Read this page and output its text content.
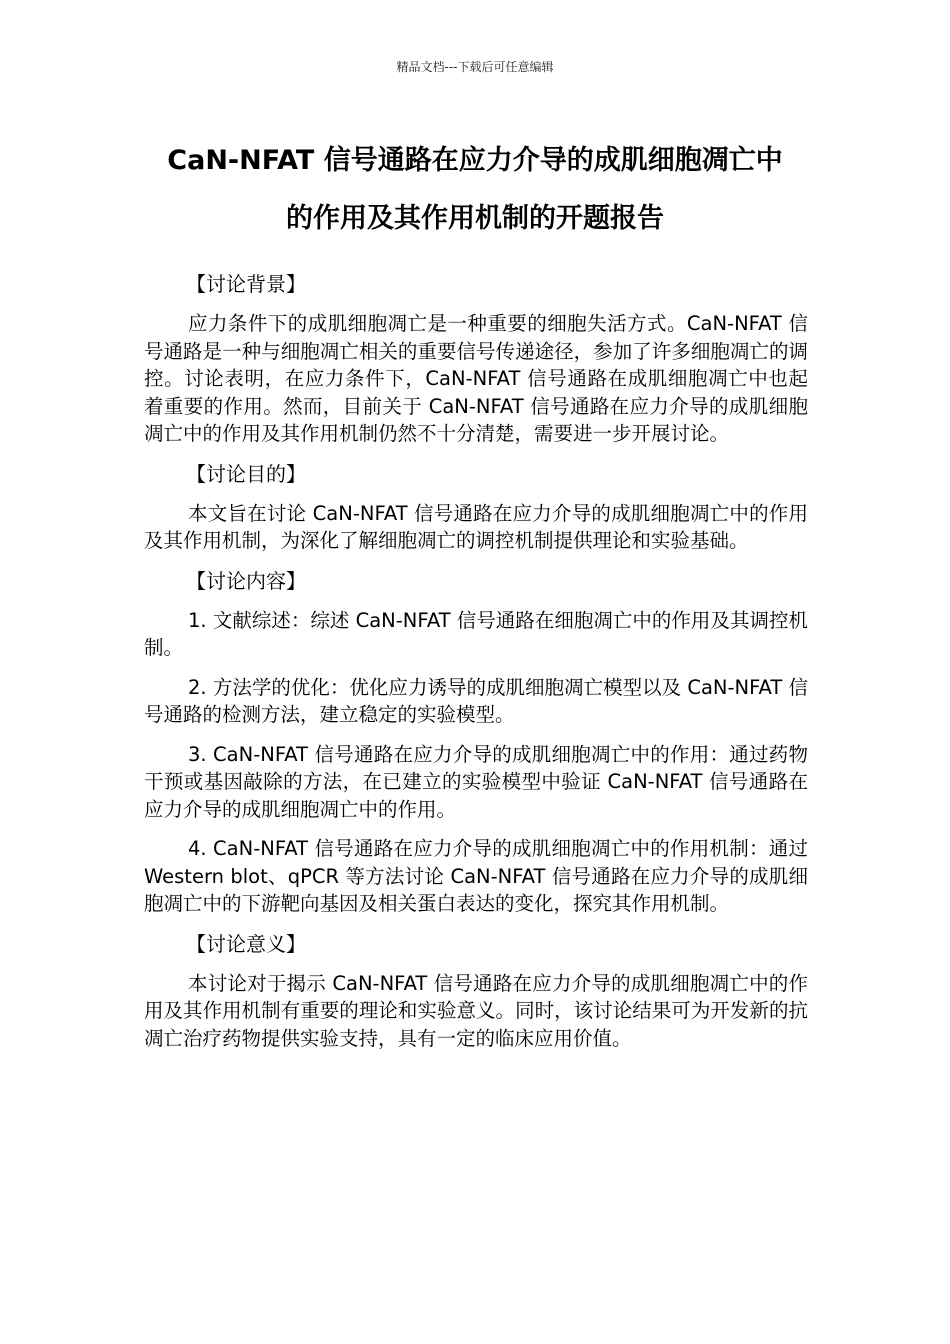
精品文档---下载后可任意编辑
CaN-NFAT 信号通路在应力介导的成肌细胞凋亡中
的作用及其作用机制的开题报告

【讨论背景】

应力条件下的成肌细胞凋亡是一种重要的细胞失活方式。CaN-NFAT 信号通路是一种与细胞凋亡相关的重要信号传递途径，参加了许多细胞凋亡的调控。讨论表明，在应力条件下，CaN-NFAT 信号通路在成肌细胞凋亡中也起着重要的作用。然而，目前关于 CaN-NFAT 信号通路在应力介导的成肌细胞凋亡中的作用及其作用机制仍然不十分清楚，需要进一步开展讨论。

【讨论目的】

本文旨在讨论 CaN-NFAT 信号通路在应力介导的成肌细胞凋亡中的作用及其作用机制，为深化了解细胞凋亡的调控机制提供理论和实验基础。

【讨论内容】

1. 文献综述：综述 CaN-NFAT 信号通路在细胞凋亡中的作用及其调控机制。

2. 方法学的优化：优化应力诱导的成肌细胞凋亡模型以及 CaN-NFAT 信号通路的检测方法，建立稳定的实验模型。

3. CaN-NFAT 信号通路在应力介导的成肌细胞凋亡中的作用：通过药物干预或基因敲除的方法，在已建立的实验模型中验证 CaN-NFAT 信号通路在应力介导的成肌细胞凋亡中的作用。

4. CaN-NFAT 信号通路在应力介导的成肌细胞凋亡中的作用机制：通过 Western blot、qPCR 等方法讨论 CaN-NFAT 信号通路在应力介导的成肌细胞凋亡中的下游靶向基因及相关蛋白表达的变化，探究其作用机制。

【讨论意义】

本讨论对于揭示 CaN-NFAT 信号通路在应力介导的成肌细胞凋亡中的作用及其作用机制有重要的理论和实验意义。同时，该讨论结果可为开发新的抗凋亡治疗药物提供实验支持，具有一定的临床应用价值。
